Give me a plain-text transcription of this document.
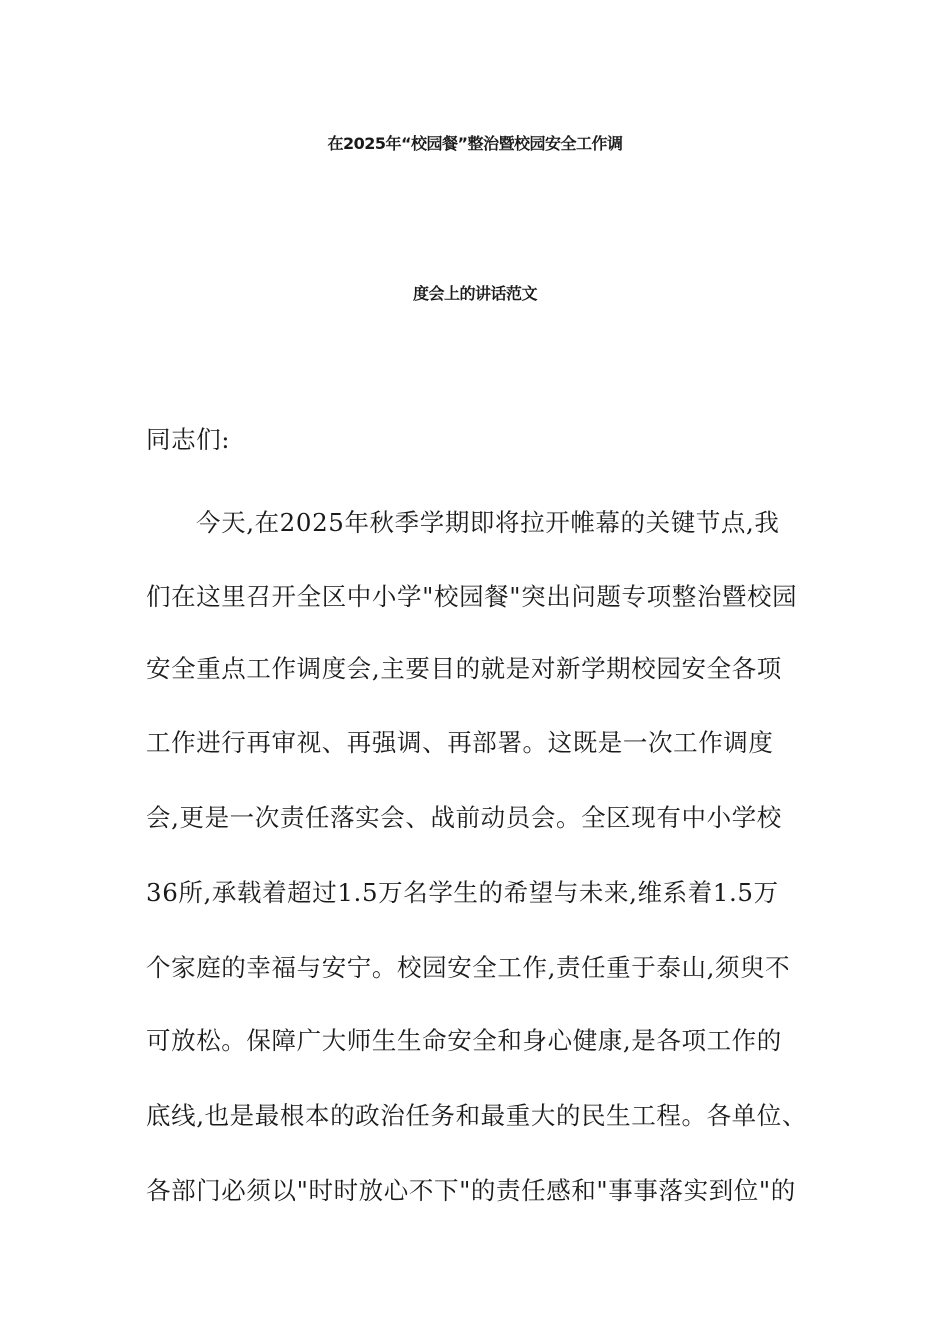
在2025年“校园餐”整治暨校园安全工作调
度会上的讲话范文
同志们:
今天,在2025年秋季学期即将拉开帷幕的关键节点,我
们在这里召开全区中小学"校园餐"突出问题专项整治暨校园
安全重点工作调度会,主要目的就是对新学期校园安全各项
工作进行再审视、再强调、再部署。这既是一次工作调度
会,更是一次责任落实会、战前动员会。全区现有中小学校
36所,承载着超过1.5万名学生的希望与未来,维系着1.5万
个家庭的幸福与安宁。校园安全工作,责任重于泰山,须臾不
可放松。保障广大师生生命安全和身心健康,是各项工作的
底线,也是最根本的政治任务和最重大的民生工程。各单位、
各部门必须以"时时放心不下"的责任感和"事事落实到位"的
